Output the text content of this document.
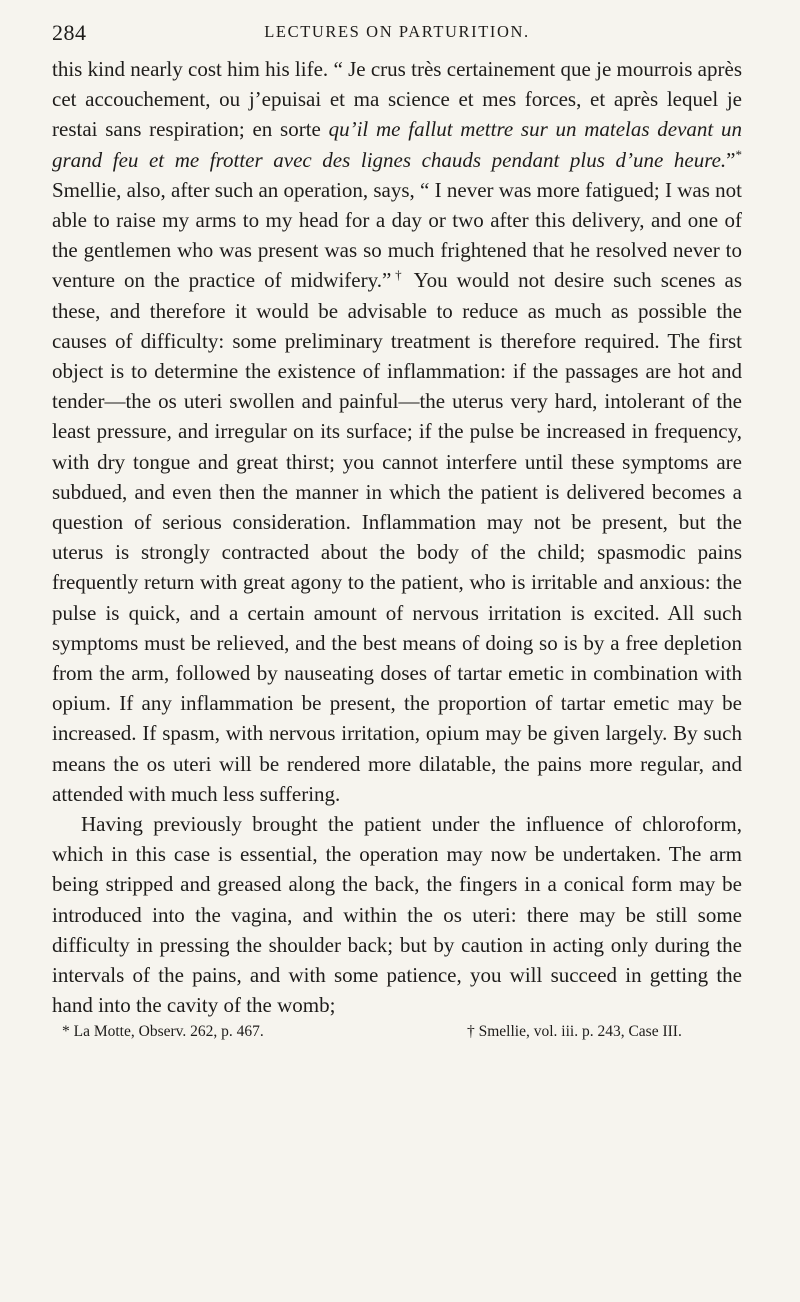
284	LECTURES ON PARTURITION.

this kind nearly cost him his life. “ Je crus très certainement que je mourrois après cet accouchement, ou j’epuisai et ma science et mes forces, et après lequel je restai sans respiration; en sorte qu’il me fallut mettre sur un matelas devant un grand feu et me frotter avec des lignes chauds pendant plus d’une heure.”* Smellie, also, after such an operation, says, “ I never was more fatigued; I was not able to raise my arms to my head for a day or two after this delivery, and one of the gentlemen who was present was so much frightened that he resolved never to venture on the practice of midwifery.”† You would not desire such scenes as these, and therefore it would be advisable to reduce as much as possible the causes of difficulty: some preliminary treatment is therefore required. The first object is to determine the existence of inflammation: if the passages are hot and tender—the os uteri swollen and painful—the uterus very hard, intolerant of the least pressure, and irregular on its surface; if the pulse be increased in frequency, with dry tongue and great thirst; you cannot interfere until these symptoms are subdued, and even then the manner in which the patient is delivered becomes a question of serious consideration. Inflammation may not be present, but the uterus is strongly contracted about the body of the child; spasmodic pains frequently return with great agony to the patient, who is irritable and anxious: the pulse is quick, and a certain amount of nervous irritation is excited. All such symptoms must be relieved, and the best means of doing so is by a free depletion from the arm, followed by nauseating doses of tartar emetic in combination with opium. If any inflammation be present, the proportion of tartar emetic may be increased. If spasm, with nervous irritation, opium may be given largely. By such means the os uteri will be rendered more dilatable, the pains more regular, and attended with much less suffering.

Having previously brought the patient under the influence of chloroform, which in this case is essential, the operation may now be undertaken. The arm being stripped and greased along the back, the fingers in a conical form may be introduced into the vagina, and within the os uteri: there may be still some difficulty in pressing the shoulder back; but by caution in acting only during the intervals of the pains, and with some patience, you will succeed in getting the hand into the cavity of the womb;

* La Motte, Observ. 262, p. 467.	† Smellie, vol. iii. p. 243, Case III.
